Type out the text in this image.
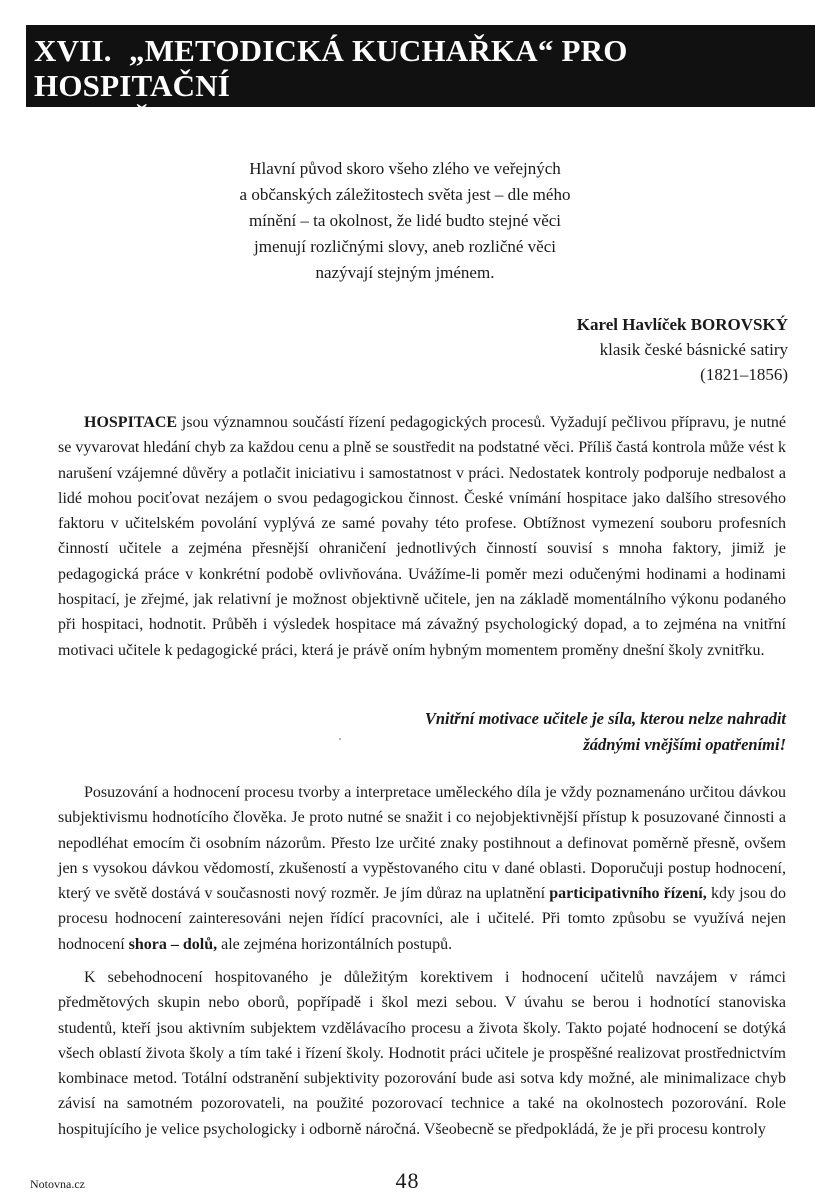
XVII. „METODICKÁ KUCHAŘKA“ PRO HOSPITAČNÍ
ČINNOST
Hlavní původ skoro všeho zlého ve veřejných
a občanských záležitostech světa jest – dle mého
mínění – ta okolnost, že lidé budto stejné věci
jmenují rozličnými slovy, aneb rozličné věci
nazývají stejným jménem.
Karel Havlíček BOROVSKÝ
klasik české básnické satiry
(1821–1856)

HOSPITACE jsou významnou součástí řízení pedagogických procesů. Vyžadují pečlivou přípravu, je nutné se vyvarovat hledání chyb za každou cenu a plně se soustředit na podstatné věci. Příliš častá kontrola může vést k narušení vzájemné důvěry a potlačit iniciativu i samostatnost v práci. Nedostatek kontroly podporuje nedbalost a lidé mohou pociťovat nezájem o svou pedagogickou činnost. České vnímání hospitace jako dalšího stresového faktoru v učitelském povolání vyplývá ze samé povahy této profese. Obtížnost vymezení souboru profesních činností učitele a zejména přesnější ohraničení jednotlivých činností souvisí s mnoha faktory, jimiž je pedagogická práce v konkrétní podobě ovlivňována. Uvážíme-li poměr mezi odučenými hodinami a hodinami hospitací, je zřejmé, jak relativní je možnost objektivně učitele, jen na základě momentálního výkonu podaného při hospitaci, hodnotit. Průběh i výsledek hospitace má závažný psychologický dopad, a to zejména na vnitřní motivaci učitele k pedagogické práci, která je právě oním hybným momentem proměny dnešní školy zvnitřku.

Vnitřní motivace učitele je síla, kterou nelze nahradit
žádnými vnějšími opatřeními!

Posuzování a hodnocení procesu tvorby a interpretace uměleckého díla je vždy poznamenáno určitou dávkou subjektivismu hodnotícího člověka. Je proto nutné se snažit i co nejobjektivnější přístup k posuzované činnosti a nepodléhat emocím či osobním názorům. Přesto lze určité znaky postihnout a definovat poměrně přesně, ovšem jen s vysokou dávkou vědomostí, zkušeností a vypěstovaného citu v dané oblasti. Doporučuji postup hodnocení, který ve světě dostává v současnosti nový rozměr. Je jím důraz na uplatnění participativního řízení, kdy jsou do procesu hodnocení zainteresováni nejen řídící pracovníci, ale i učitelé. Při tomto způsobu se využívá nejen hodnocení shora – dolů, ale zejména horizontálních postupů.

K sebehodnocení hospitovaného je důležitým korektivem i hodnocení učitelů navzájem v rámci předmětových skupin nebo oborů, popřípadě i škol mezi sebou. V úvahu se berou i hodnotící stanoviska studentů, kteří jsou aktivním subjektem vzdělávacího procesu a života školy. Takto pojaté hodnocení se dotýká všech oblastí života školy a tím také i řízení školy. Hodnotit práci učitele je prospěšné realizovat prostřednictvím kombinace metod. Totální odstranění subjektivity pozorování bude asi sotva kdy možné, ale minimalizace chyb závisí na samotném pozorovateli, na použité pozorovací technice a také na okolnostech pozorování. Role hospitujícího je velice psychologicky i odborně náročná. Všeobecně se předpokládá, že je při procesu kontroly

Notovna.cz	48
